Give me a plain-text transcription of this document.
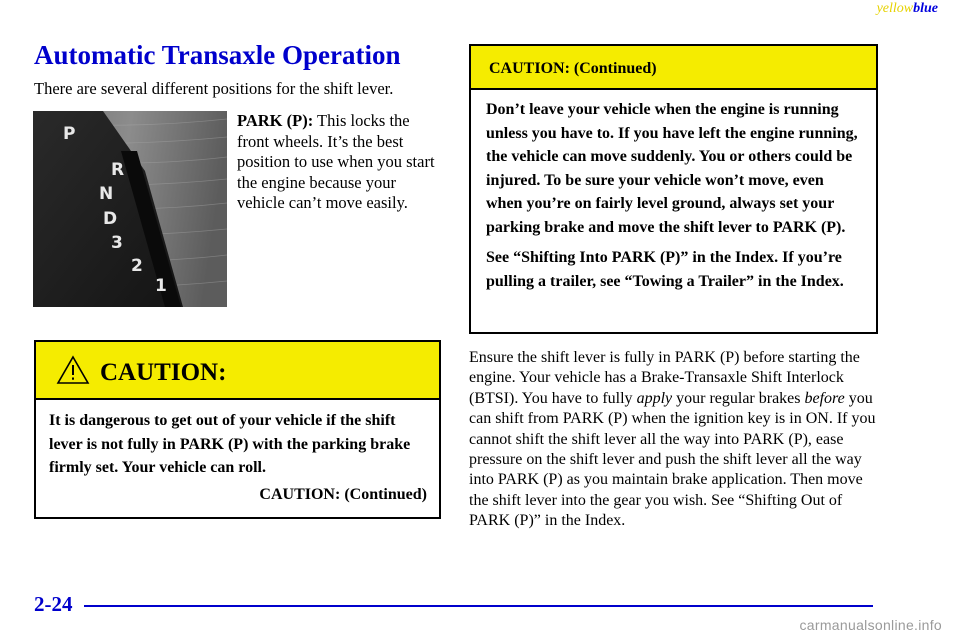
yellowblue
Automatic Transaxle Operation
There are several different positions for the shift lever.
P
R
N
D
3
2
1
PARK (P): This locks the front wheels. It’s the best position to use when you start the engine because your vehicle can’t move easily.
CAUTION:
It is dangerous to get out of your vehicle if the shift lever is not fully in PARK (P) with the parking brake firmly set. Your vehicle can roll.
CAUTION: (Continued)
CAUTION: (Continued)

Don’t leave your vehicle when the engine is running unless you have to. If you have left the engine running, the vehicle can move suddenly. You or others could be injured. To be sure your vehicle won’t move, even when you’re on fairly level ground, always set your parking brake and move the shift lever to PARK (P).

See “Shifting Into PARK (P)” in the Index. If you’re pulling a trailer, see “Towing a Trailer” in the Index.

Ensure the shift lever is fully in PARK (P) before starting the engine. Your vehicle has a Brake-Transaxle Shift Interlock (BTSI). You have to fully apply your regular brakes before you can shift from PARK (P) when the ignition key is in ON. If you cannot shift the shift lever all the way into PARK (P), ease pressure on the shift lever and push the shift lever all the way into PARK (P) as you maintain brake application. Then move the shift lever into the gear you wish. See “Shifting Out of PARK (P)” in the Index.
2-24
carmanualsonline.info
